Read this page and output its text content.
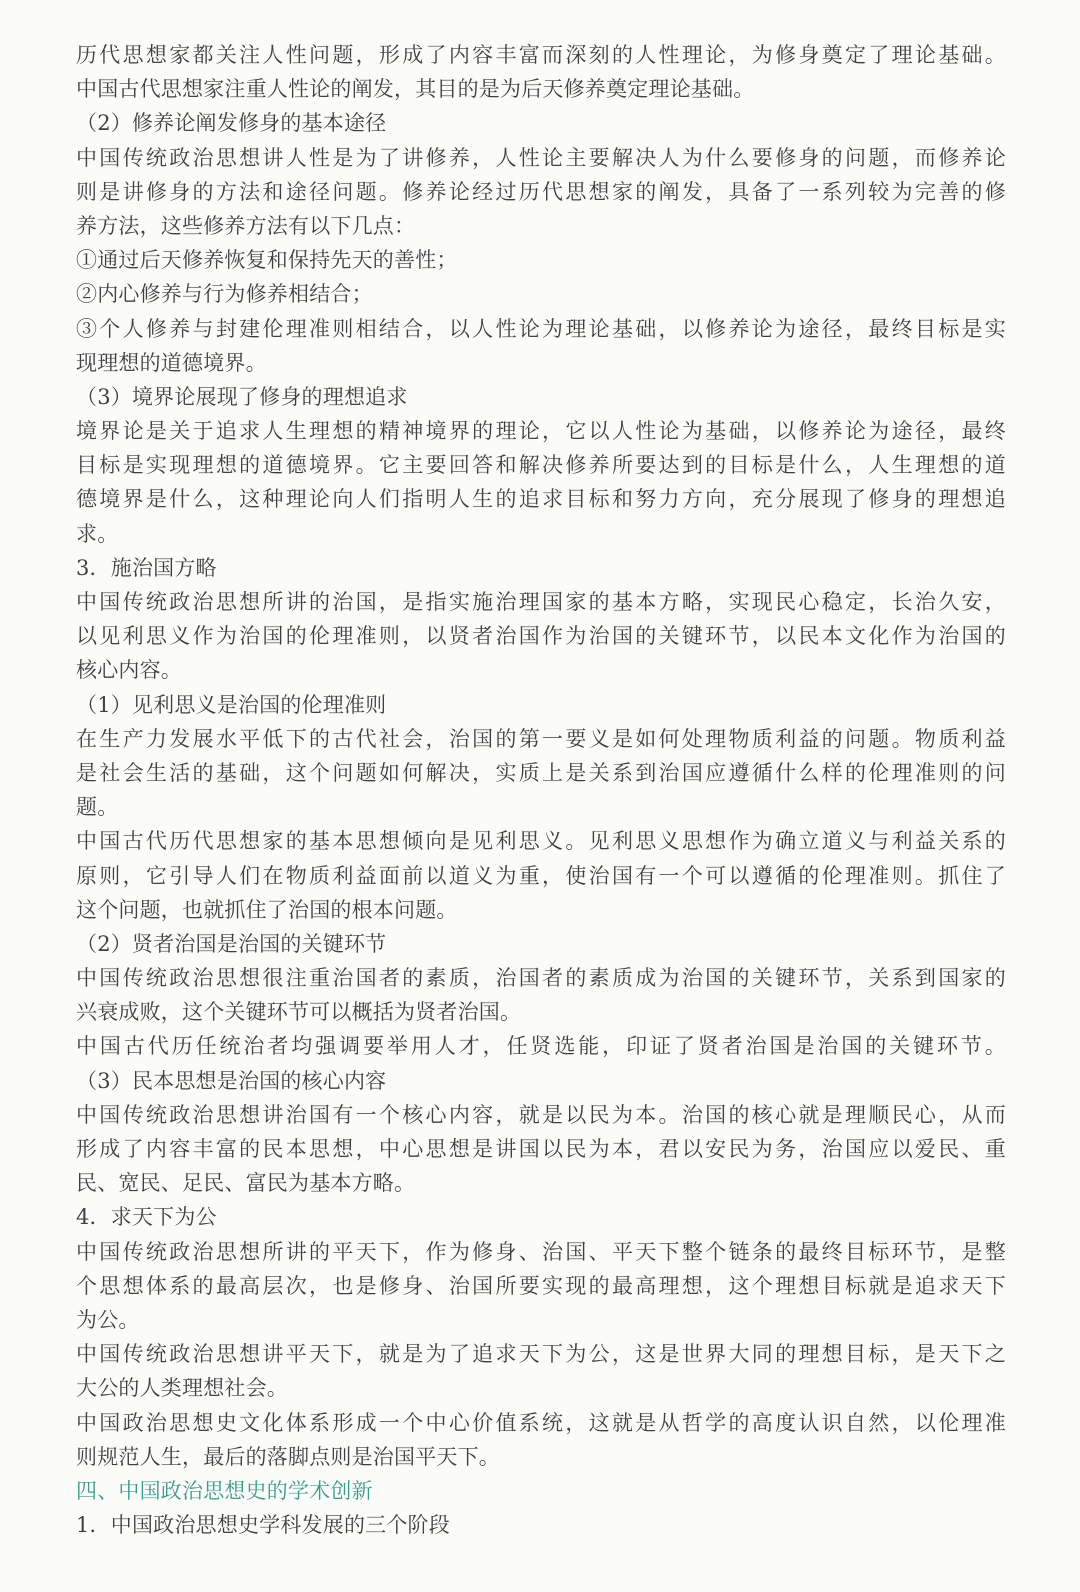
历代思想家都关注人性问题，形成了内容丰富而深刻的人性理论，为修身奠定了理论基础。
中国古代思想家注重人性论的阐发，其目的是为后天修养奠定理论基础。
（2）修养论阐发修身的基本途径
中国传统政治思想讲人性是为了讲修养，人性论主要解决人为什么要修身的问题，而修养论
则是讲修身的方法和途径问题。修养论经过历代思想家的阐发，具备了一系列较为完善的修
养方法，这些修养方法有以下几点：
①通过后天修养恢复和保持先天的善性；
②内心修养与行为修养相结合；
③个人修养与封建伦理准则相结合，以人性论为理论基础，以修养论为途径，最终目标是实
现理想的道德境界。
（3）境界论展现了修身的理想追求
境界论是关于追求人生理想的精神境界的理论，它以人性论为基础，以修养论为途径，最终
目标是实现理想的道德境界。它主要回答和解决修养所要达到的目标是什么，人生理想的道
德境界是什么，这种理论向人们指明人生的追求目标和努力方向，充分展现了修身的理想追
求。
3．施治国方略
中国传统政治思想所讲的治国，是指实施治理国家的基本方略，实现民心稳定，长治久安，
以见利思义作为治国的伦理准则，以贤者治国作为治国的关键环节，以民本文化作为治国的
核心内容。
（1）见利思义是治国的伦理准则
在生产力发展水平低下的古代社会，治国的第一要义是如何处理物质利益的问题。物质利益
是社会生活的基础，这个问题如何解决，实质上是关系到治国应遵循什么样的伦理准则的问
题。
中国古代历代思想家的基本思想倾向是见利思义。见利思义思想作为确立道义与利益关系的
原则，它引导人们在物质利益面前以道义为重，使治国有一个可以遵循的伦理准则。抓住了
这个问题，也就抓住了治国的根本问题。
（2）贤者治国是治国的关键环节
中国传统政治思想很注重治国者的素质，治国者的素质成为治国的关键环节，关系到国家的
兴衰成败，这个关键环节可以概括为贤者治国。
中国古代历任统治者均强调要举用人才，任贤选能，印证了贤者治国是治国的关键环节。
（3）民本思想是治国的核心内容
中国传统政治思想讲治国有一个核心内容，就是以民为本。治国的核心就是理顺民心，从而
形成了内容丰富的民本思想，中心思想是讲国以民为本，君以安民为务，治国应以爱民、重
民、宽民、足民、富民为基本方略。
4．求天下为公
中国传统政治思想所讲的平天下，作为修身、治国、平天下整个链条的最终目标环节，是整
个思想体系的最高层次，也是修身、治国所要实现的最高理想，这个理想目标就是追求天下
为公。
中国传统政治思想讲平天下，就是为了追求天下为公，这是世界大同的理想目标，是天下之
大公的人类理想社会。
中国政治思想史文化体系形成一个中心价值系统，这就是从哲学的高度认识自然，以伦理准
则规范人生，最后的落脚点则是治国平天下。
四、中国政治思想史的学术创新
1．中国政治思想史学科发展的三个阶段
